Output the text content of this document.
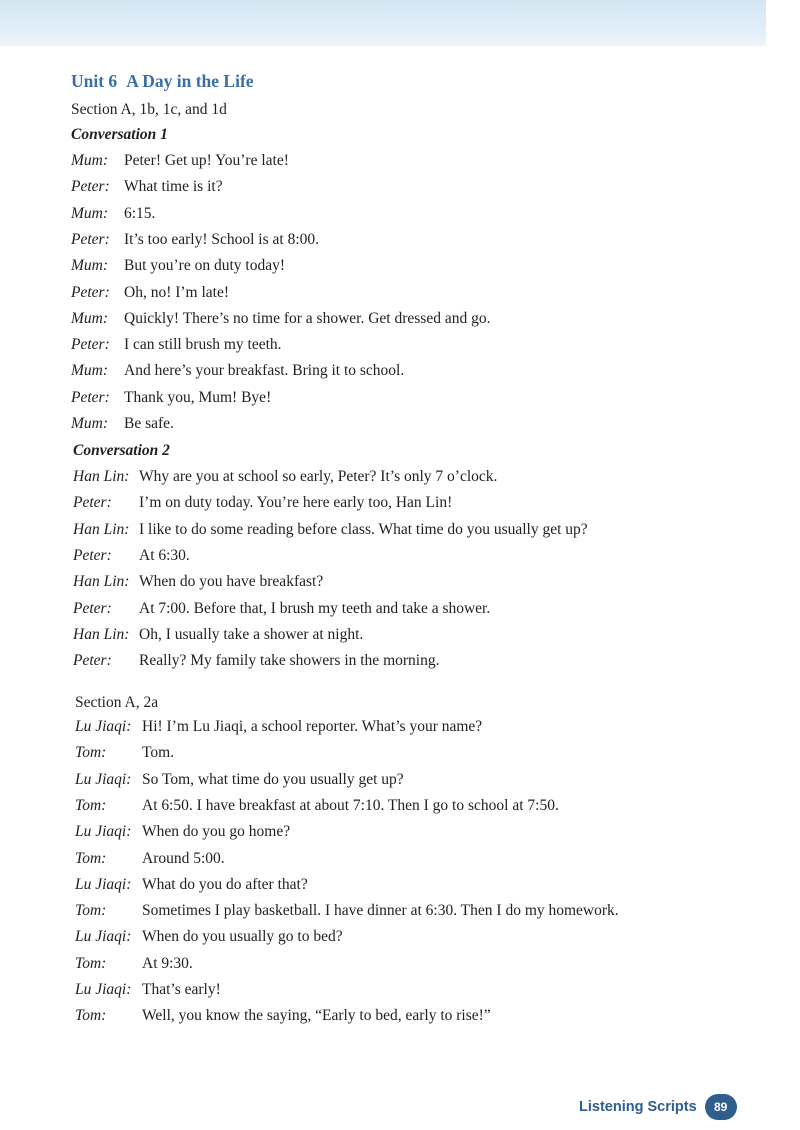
Unit 6 A Day in the Life
Section A, 1b, 1c, and 1d
Conversation 1
Mum: Peter! Get up! You’re late!
Peter: What time is it?
Mum: 6:15.
Peter: It’s too early! School is at 8:00.
Mum: But you’re on duty today!
Peter: Oh, no! I’m late!
Mum: Quickly! There’s no time for a shower. Get dressed and go.
Peter: I can still brush my teeth.
Mum: And here’s your breakfast. Bring it to school.
Peter: Thank you, Mum! Bye!
Mum: Be safe.
Conversation 2
Han Lin: Why are you at school so early, Peter? It’s only 7 o’clock.
Peter: I’m on duty today. You’re here early too, Han Lin!
Han Lin: I like to do some reading before class. What time do you usually get up?
Peter: At 6:30.
Han Lin: When do you have breakfast?
Peter: At 7:00. Before that, I brush my teeth and take a shower.
Han Lin: Oh, I usually take a shower at night.
Peter: Really? My family take showers in the morning.
Section A, 2a
Lu Jiaqi: Hi! I’m Lu Jiaqi, a school reporter. What’s your name?
Tom: Tom.
Lu Jiaqi: So Tom, what time do you usually get up?
Tom: At 6:50. I have breakfast at about 7:10. Then I go to school at 7:50.
Lu Jiaqi: When do you go home?
Tom: Around 5:00.
Lu Jiaqi: What do you do after that?
Tom: Sometimes I play basketball. I have dinner at 6:30. Then I do my homework.
Lu Jiaqi: When do you usually go to bed?
Tom: At 9:30.
Lu Jiaqi: That’s early!
Tom: Well, you know the saying, “Early to bed, early to rise!”
Listening Scripts	89
